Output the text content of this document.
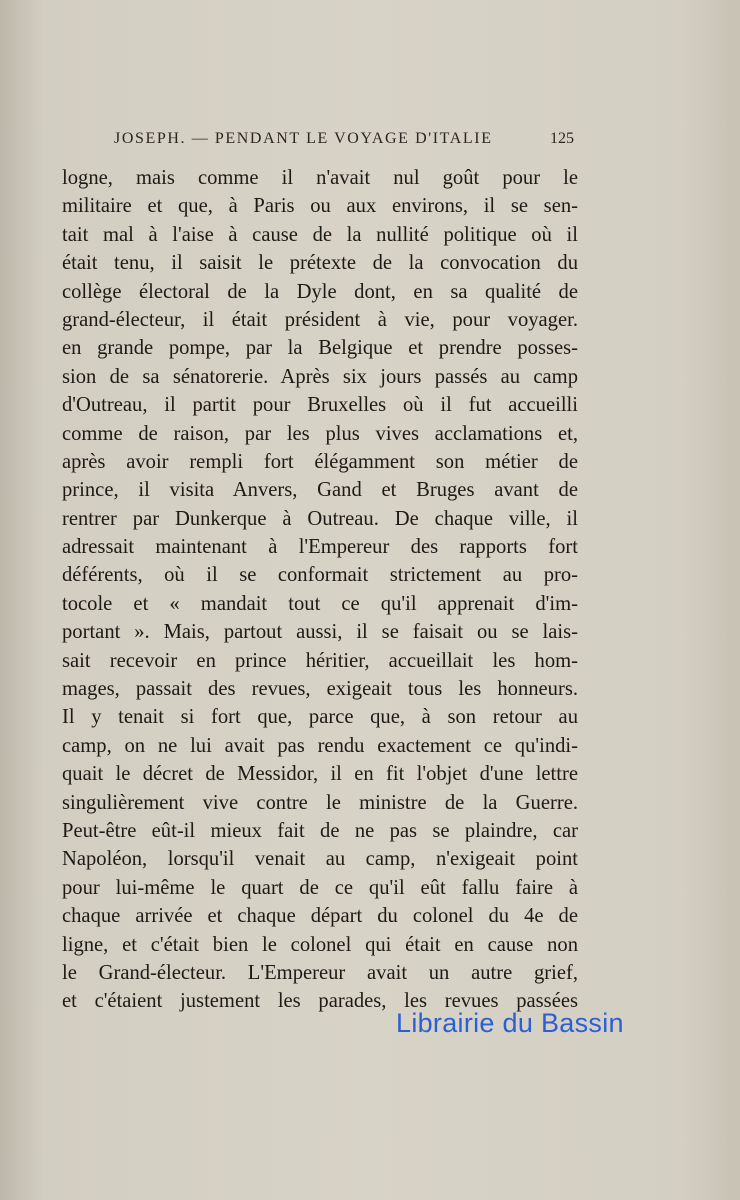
JOSEPH. — PENDANT LE VOYAGE D'ITALIE	125
logne, mais comme il n'avait nul goût pour le
militaire et que, à Paris ou aux environs, il se sen-
tait mal à l'aise à cause de la nullité politique où il
était tenu, il saisit le prétexte de la convocation du
collège électoral de la Dyle dont, en sa qualité de
grand-électeur, il était président à vie, pour voyager.
en grande pompe, par la Belgique et prendre posses-
sion de sa sénatorerie. Après six jours passés au camp
d'Outreau, il partit pour Bruxelles où il fut accueilli
comme de raison, par les plus vives acclamations et,
après avoir rempli fort élégamment son métier de
prince, il visita Anvers, Gand et Bruges avant de
rentrer par Dunkerque à Outreau. De chaque ville, il
adressait maintenant à l'Empereur des rapports fort
déférents, où il se conformait strictement au pro-
tocole et « mandait tout ce qu'il apprenait d'im-
portant ». Mais, partout aussi, il se faisait ou se lais-
sait recevoir en prince héritier, accueillait les hom-
mages, passait des revues, exigeait tous les honneurs.
Il y tenait si fort que, parce que, à son retour au
camp, on ne lui avait pas rendu exactement ce qu'indi-
quait le décret de Messidor, il en fit l'objet d'une lettre
singulièrement vive contre le ministre de la Guerre.
Peut-être eût-il mieux fait de ne pas se plaindre, car
Napoléon, lorsqu'il venait au camp, n'exigeait point
pour lui-même le quart de ce qu'il eût fallu faire à
chaque arrivée et chaque départ du colonel du 4e de
ligne, et c'était bien le colonel qui était en cause non
le Grand-électeur. L'Empereur avait un autre grief,
et c'étaient justement les parades, les revues passées
Librairie du Bassin
